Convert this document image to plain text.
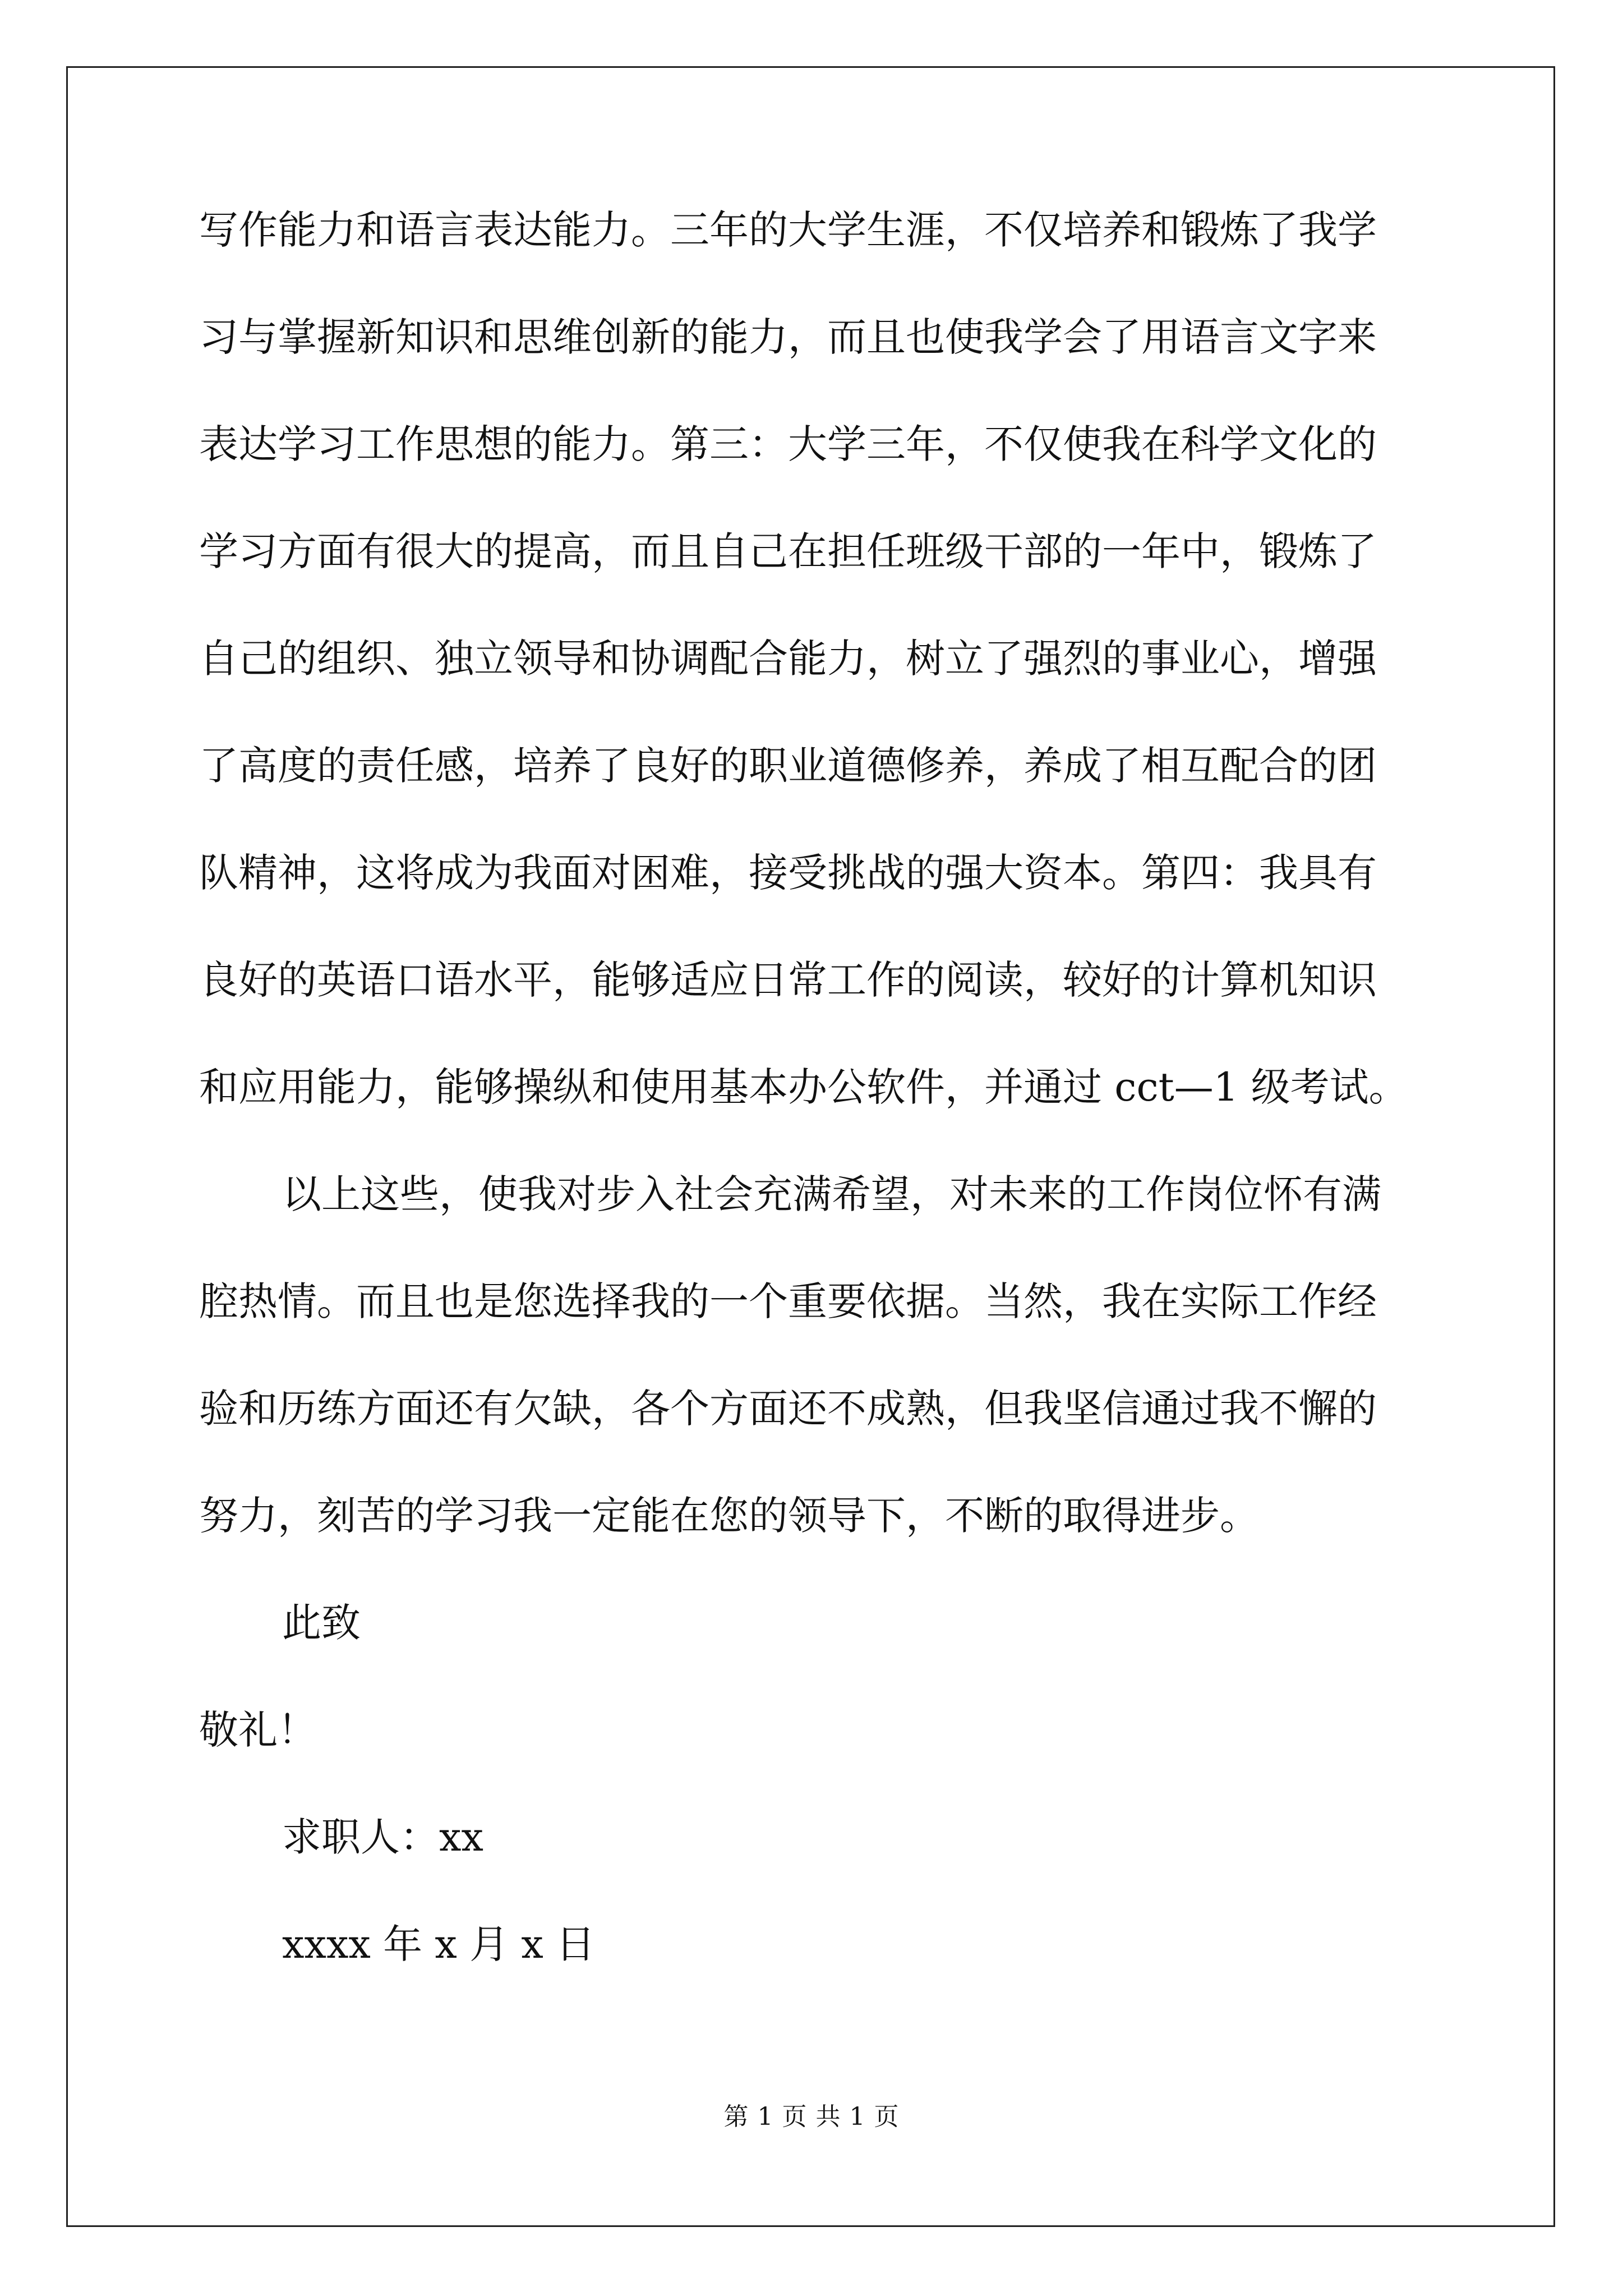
写作能力和语言表达能力。三年的大学生涯，不仅培养和锻炼了我学
习与掌握新知识和思维创新的能力，而且也使我学会了用语言文字来
表达学习工作思想的能力。第三：大学三年，不仅使我在科学文化的
学习方面有很大的提高，而且自己在担任班级干部的一年中，锻炼了
自己的组织、独立领导和协调配合能力，树立了强烈的事业心，增强
了高度的责任感，培养了良好的职业道德修养，养成了相互配合的团
队精神，这将成为我面对困难，接受挑战的强大资本。第四：我具有
良好的英语口语水平，能够适应日常工作的阅读，较好的计算机知识
和应用能力，能够操纵和使用基本办公软件，并通过 cct—1 级考试。
以上这些，使我对步入社会充满希望，对未来的工作岗位怀有满
腔热情。而且也是您选择我的一个重要依据。当然，我在实际工作经
验和历练方面还有欠缺，各个方面还不成熟，但我坚信通过我不懈的
努力，刻苦的学习我一定能在您的领导下，不断的取得进步。
此致
敬礼！
求职人：xx
xxxx 年 x 月 x 日
第 1 页 共 1 页
